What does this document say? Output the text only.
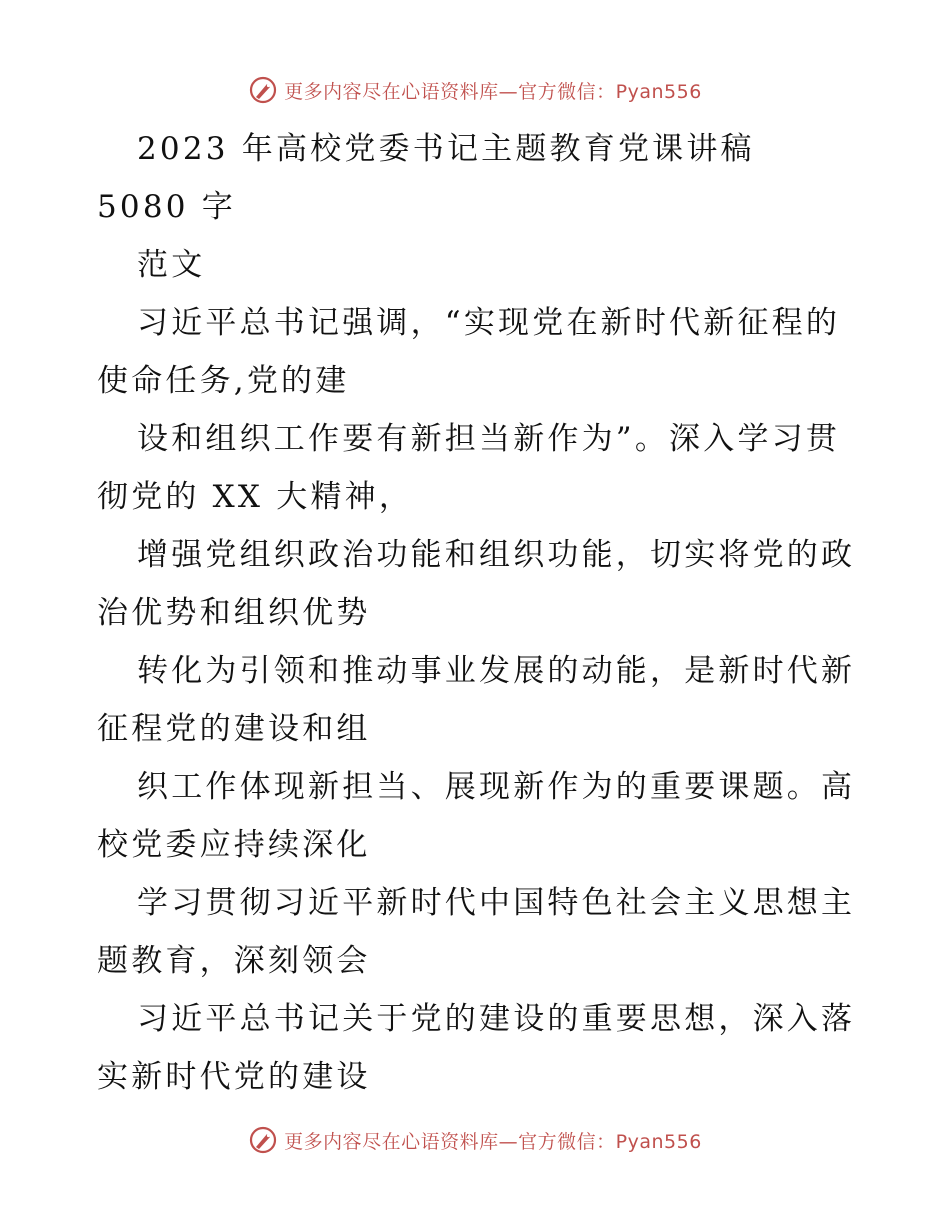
更多内容尽在心语资料库—官方微信：Pyan556

2023 年高校党委书记主题教育党课讲稿 5080 字

范文

习近平总书记强调，“实现党在新时代新征程的使命任务,党的建

设和组织工作要有新担当新作为”。深入学习贯彻党的 XX 大精神，

增强党组织政治功能和组织功能，切实将党的政治优势和组织优势

转化为引领和推动事业发展的动能，是新时代新征程党的建设和组

织工作体现新担当、展现新作为的重要课题。高校党委应持续深化

学习贯彻习近平新时代中国特色社会主义思想主题教育，深刻领会

习近平总书记关于党的建设的重要思想，深入落实新时代党的建设

更多内容尽在心语资料库—官方微信：Pyan556
